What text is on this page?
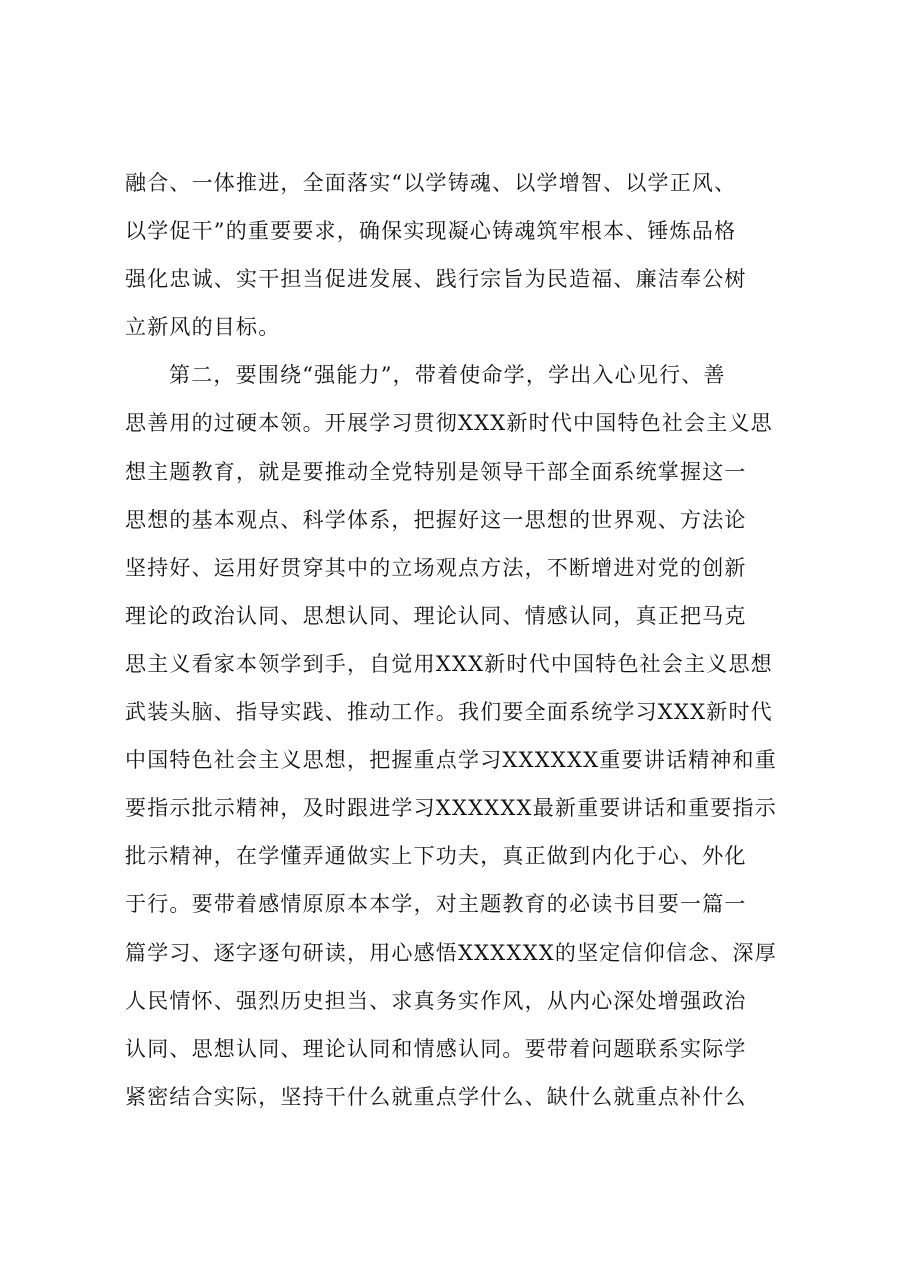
融合、一体推进，全面落实“以学铸魂、以学增智、以学正风、
以学促干”的重要要求，确保实现凝心铸魂筑牢根本、锤炼品格
强化忠诚、实干担当促进发展、践行宗旨为民造福、廉洁奉公树
立新风的目标。
第二，要围绕“强能力”，带着使命学，学出入心见行、善
思善用的过硬本领。开展学习贯彻XXX新时代中国特色社会主义思
想主题教育，就是要推动全党特别是领导干部全面系统掌握这一
思想的基本观点、科学体系，把握好这一思想的世界观、方法论
坚持好、运用好贯穿其中的立场观点方法，不断增进对党的创新
理论的政治认同、思想认同、理论认同、情感认同，真正把马克
思主义看家本领学到手，自觉用XXX新时代中国特色社会主义思想
武装头脑、指导实践、推动工作。我们要全面系统学习XXX新时代
中国特色社会主义思想，把握重点学习XXXXXX重要讲话精神和重
要指示批示精神，及时跟进学习XXXXXX最新重要讲话和重要指示
批示精神，在学懂弄通做实上下功夫，真正做到内化于心、外化
于行。要带着感情原原本本学，对主题教育的必读书目要一篇一
篇学习、逐字逐句研读，用心感悟XXXXXX的坚定信仰信念、深厚
人民情怀、强烈历史担当、求真务实作风，从内心深处增强政治
认同、思想认同、理论认同和情感认同。要带着问题联系实际学
紧密结合实际，坚持干什么就重点学什么、缺什么就重点补什么
